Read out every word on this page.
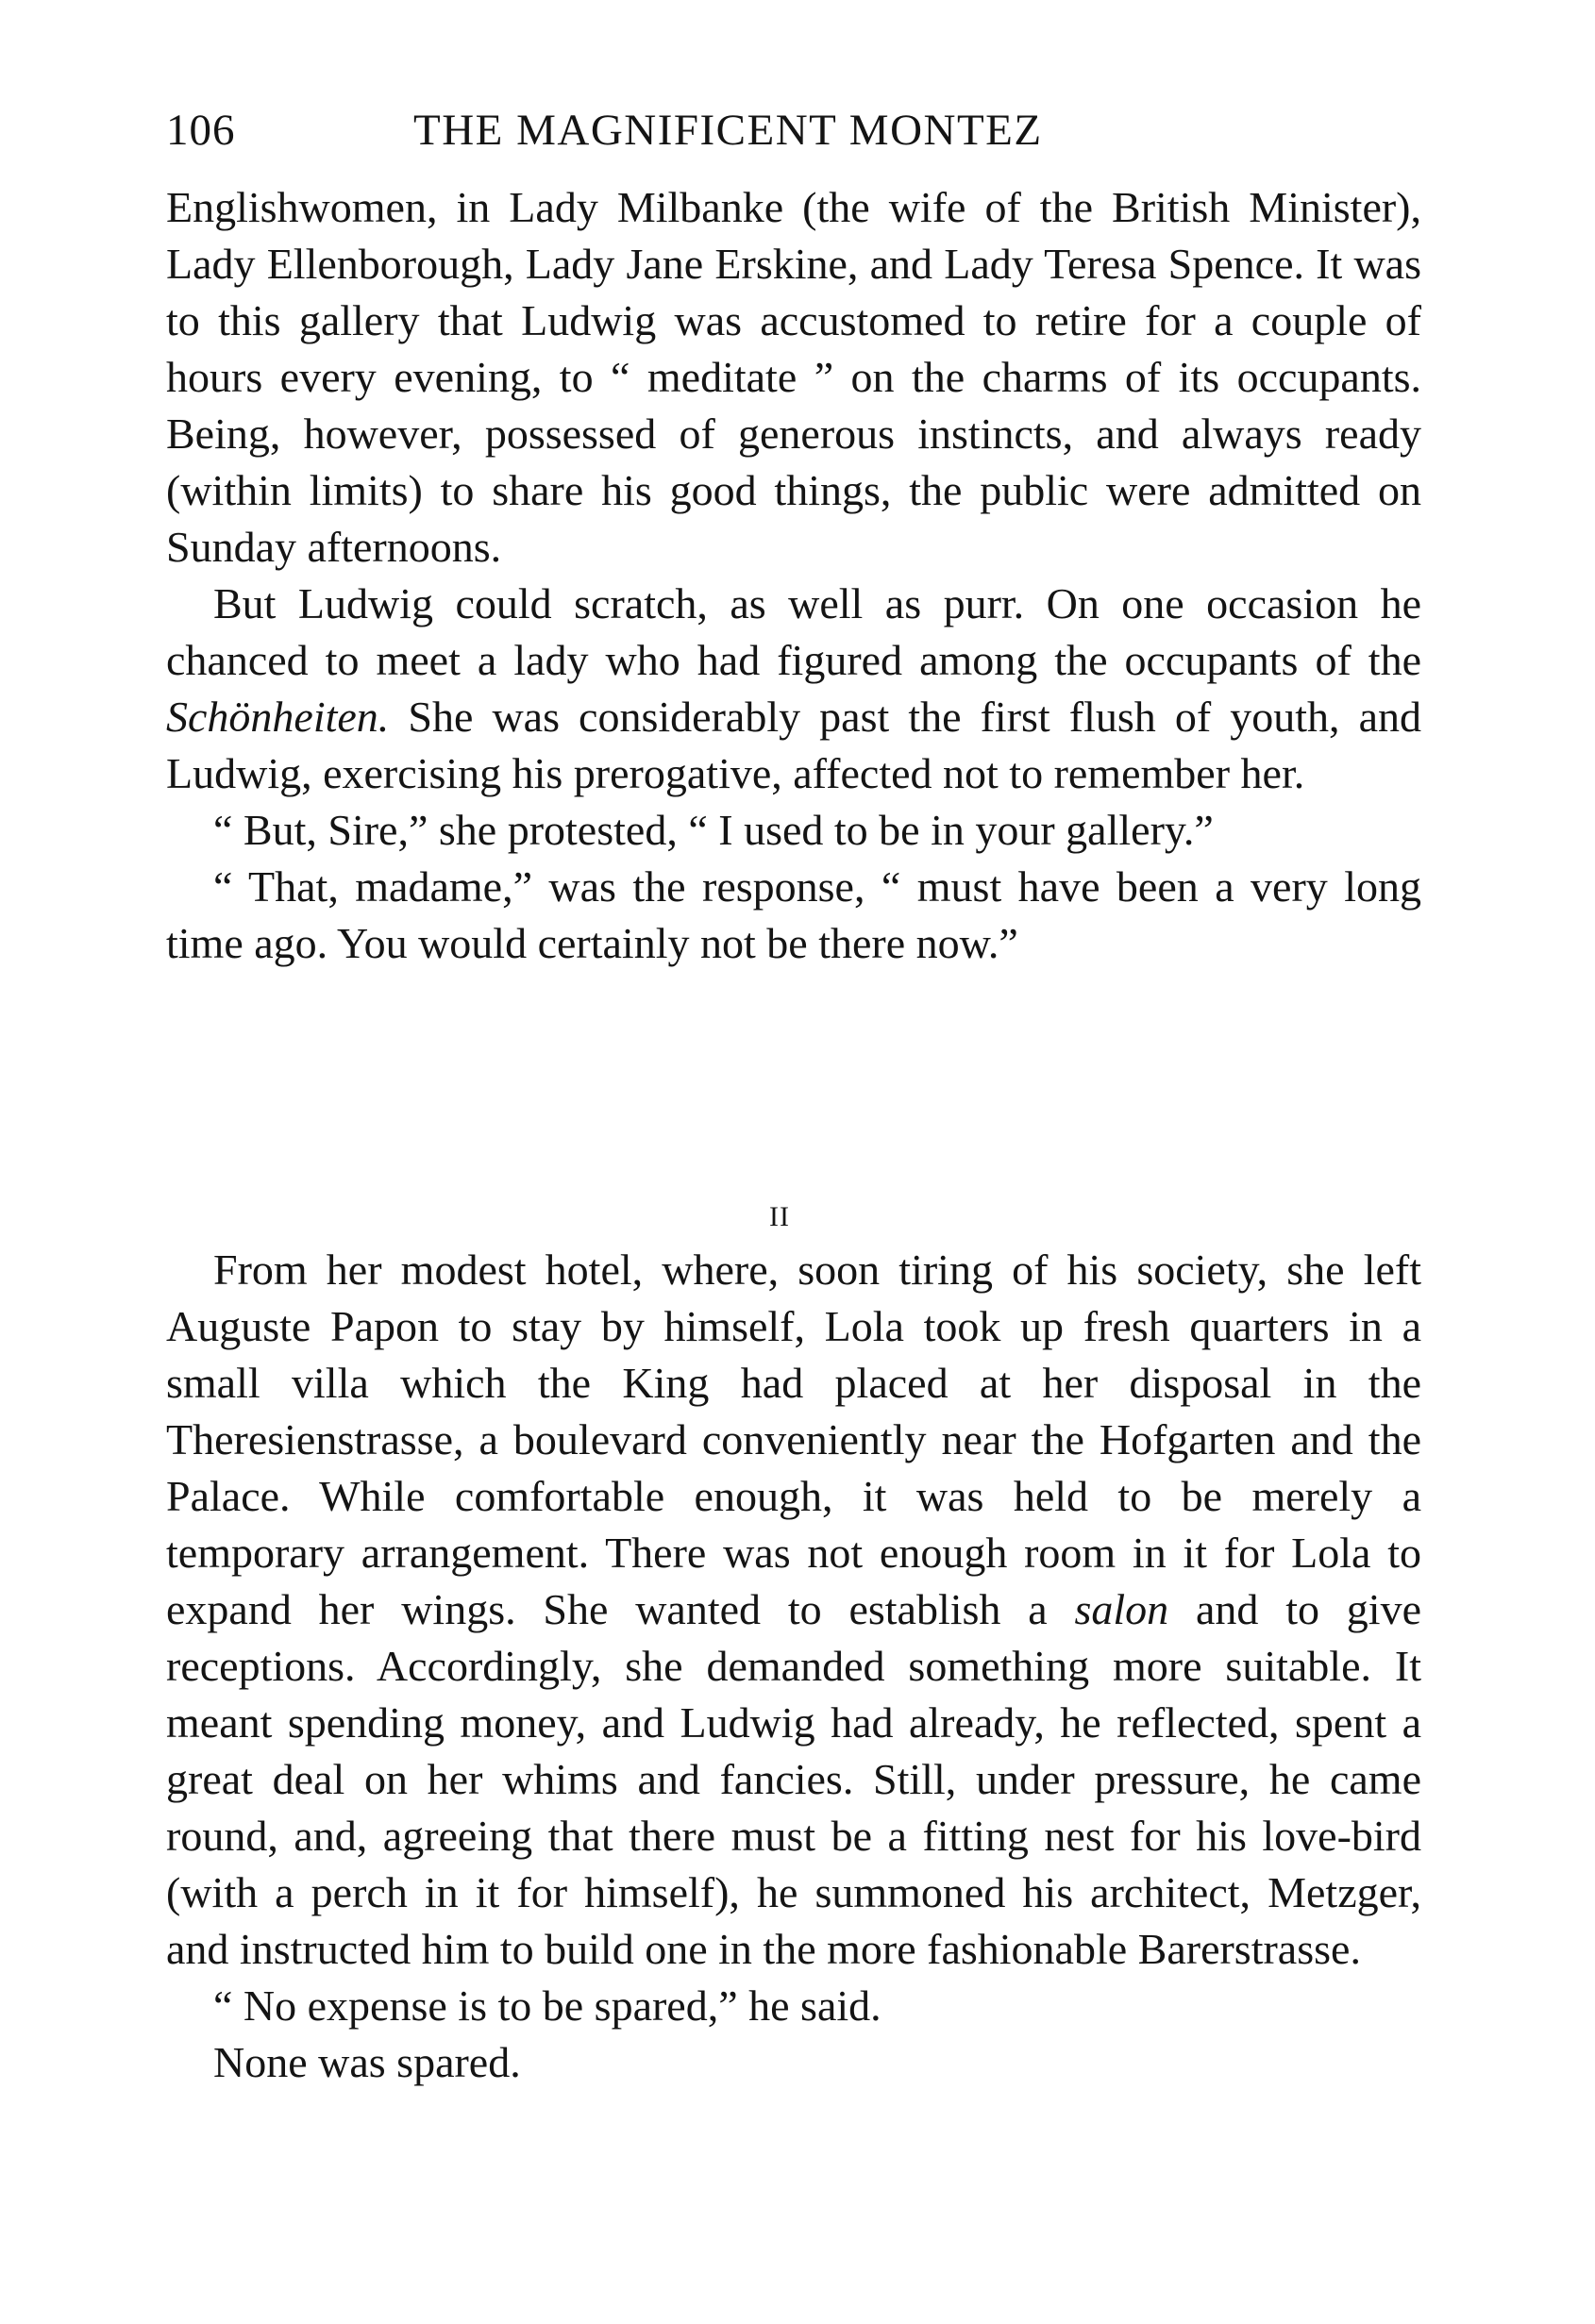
106	THE MAGNIFICENT MONTEZ

Englishwomen, in Lady Milbanke (the wife of the British Minister), Lady Ellenborough, Lady Jane Erskine, and Lady Teresa Spence. It was to this gallery that Ludwig was accustomed to retire for a couple of hours every evening, to “ meditate ” on the charms of its occupants. Being, however, possessed of generous instincts, and always ready (within limits) to share his good things, the public were admitted on Sunday afternoons.

But Ludwig could scratch, as well as purr. On one occasion he chanced to meet a lady who had figured among the occupants of the Schönheiten. She was considerably past the first flush of youth, and Ludwig, exercising his prerogative, affected not to remember her.

“ But, Sire,” she protested, “ I used to be in your gallery.”

“ That, madame,” was the response, “ must have been a very long time ago. You would certainly not be there now.”

II

From her modest hotel, where, soon tiring of his society, she left Auguste Papon to stay by himself, Lola took up fresh quarters in a small villa which the King had placed at her disposal in the Theresienstrasse, a boulevard conveniently near the Hofgarten and the Palace. While comfortable enough, it was held to be merely a temporary arrangement. There was not enough room in it for Lola to expand her wings. She wanted to establish a salon and to give receptions. Accordingly, she demanded something more suitable. It meant spending money, and Ludwig had already, he reflected, spent a great deal on her whims and fancies. Still, under pressure, he came round, and, agreeing that there must be a fitting nest for his love-bird (with a perch in it for himself), he summoned his architect, Metzger, and instructed him to build one in the more fashionable Barerstrasse.

“ No expense is to be spared,” he said.

None was spared.
